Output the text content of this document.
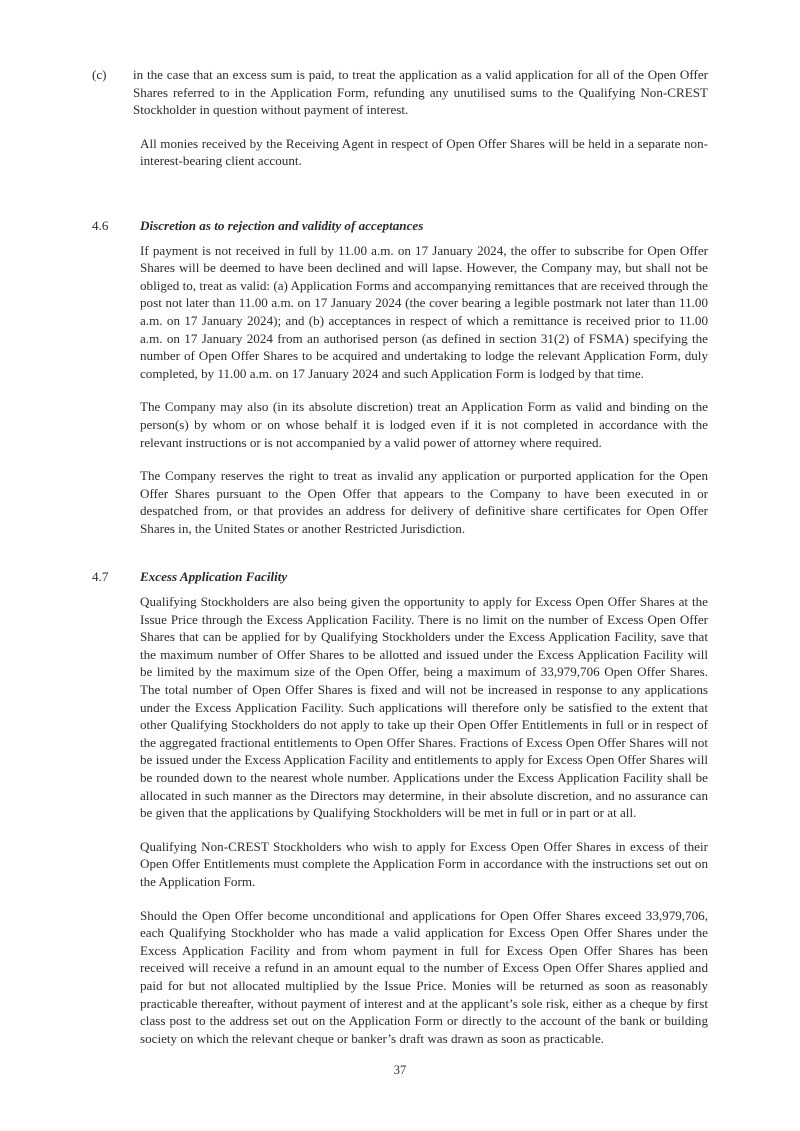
(c)	in the case that an excess sum is paid, to treat the application as a valid application for all of the Open Offer Shares referred to in the Application Form, refunding any unutilised sums to the Qualifying Non-CREST Stockholder in question without payment of interest.

All monies received by the Receiving Agent in respect of Open Offer Shares will be held in a separate non-interest-bearing client account.

4.6	Discretion as to rejection and validity of acceptances

If payment is not received in full by 11.00 a.m. on 17 January 2024, the offer to subscribe for Open Offer Shares will be deemed to have been declined and will lapse. However, the Company may, but shall not be obliged to, treat as valid: (a) Application Forms and accompanying remittances that are received through the post not later than 11.00 a.m. on 17 January 2024 (the cover bearing a legible postmark not later than 11.00 a.m. on 17 January 2024); and (b) acceptances in respect of which a remittance is received prior to 11.00 a.m. on 17 January 2024 from an authorised person (as defined in section 31(2) of FSMA) specifying the number of Open Offer Shares to be acquired and undertaking to lodge the relevant Application Form, duly completed, by 11.00 a.m. on 17 January 2024 and such Application Form is lodged by that time.

The Company may also (in its absolute discretion) treat an Application Form as valid and binding on the person(s) by whom or on whose behalf it is lodged even if it is not completed in accordance with the relevant instructions or is not accompanied by a valid power of attorney where required.

The Company reserves the right to treat as invalid any application or purported application for the Open Offer Shares pursuant to the Open Offer that appears to the Company to have been executed in or despatched from, or that provides an address for delivery of definitive share certificates for Open Offer Shares in, the United States or another Restricted Jurisdiction.

4.7	Excess Application Facility

Qualifying Stockholders are also being given the opportunity to apply for Excess Open Offer Shares at the Issue Price through the Excess Application Facility. There is no limit on the number of Excess Open Offer Shares that can be applied for by Qualifying Stockholders under the Excess Application Facility, save that the maximum number of Offer Shares to be allotted and issued under the Excess Application Facility will be limited by the maximum size of the Open Offer, being a maximum of 33,979,706 Open Offer Shares. The total number of Open Offer Shares is fixed and will not be increased in response to any applications under the Excess Application Facility. Such applications will therefore only be satisfied to the extent that other Qualifying Stockholders do not apply to take up their Open Offer Entitlements in full or in respect of the aggregated fractional entitlements to Open Offer Shares. Fractions of Excess Open Offer Shares will not be issued under the Excess Application Facility and entitlements to apply for Excess Open Offer Shares will be rounded down to the nearest whole number. Applications under the Excess Application Facility shall be allocated in such manner as the Directors may determine, in their absolute discretion, and no assurance can be given that the applications by Qualifying Stockholders will be met in full or in part or at all.

Qualifying Non-CREST Stockholders who wish to apply for Excess Open Offer Shares in excess of their Open Offer Entitlements must complete the Application Form in accordance with the instructions set out on the Application Form.

Should the Open Offer become unconditional and applications for Open Offer Shares exceed 33,979,706, each Qualifying Stockholder who has made a valid application for Excess Open Offer Shares under the Excess Application Facility and from whom payment in full for Excess Open Offer Shares has been received will receive a refund in an amount equal to the number of Excess Open Offer Shares applied and paid for but not allocated multiplied by the Issue Price. Monies will be returned as soon as reasonably practicable thereafter, without payment of interest and at the applicant’s sole risk, either as a cheque by first class post to the address set out on the Application Form or directly to the account of the bank or building society on which the relevant cheque or banker’s draft was drawn as soon as practicable.

37
